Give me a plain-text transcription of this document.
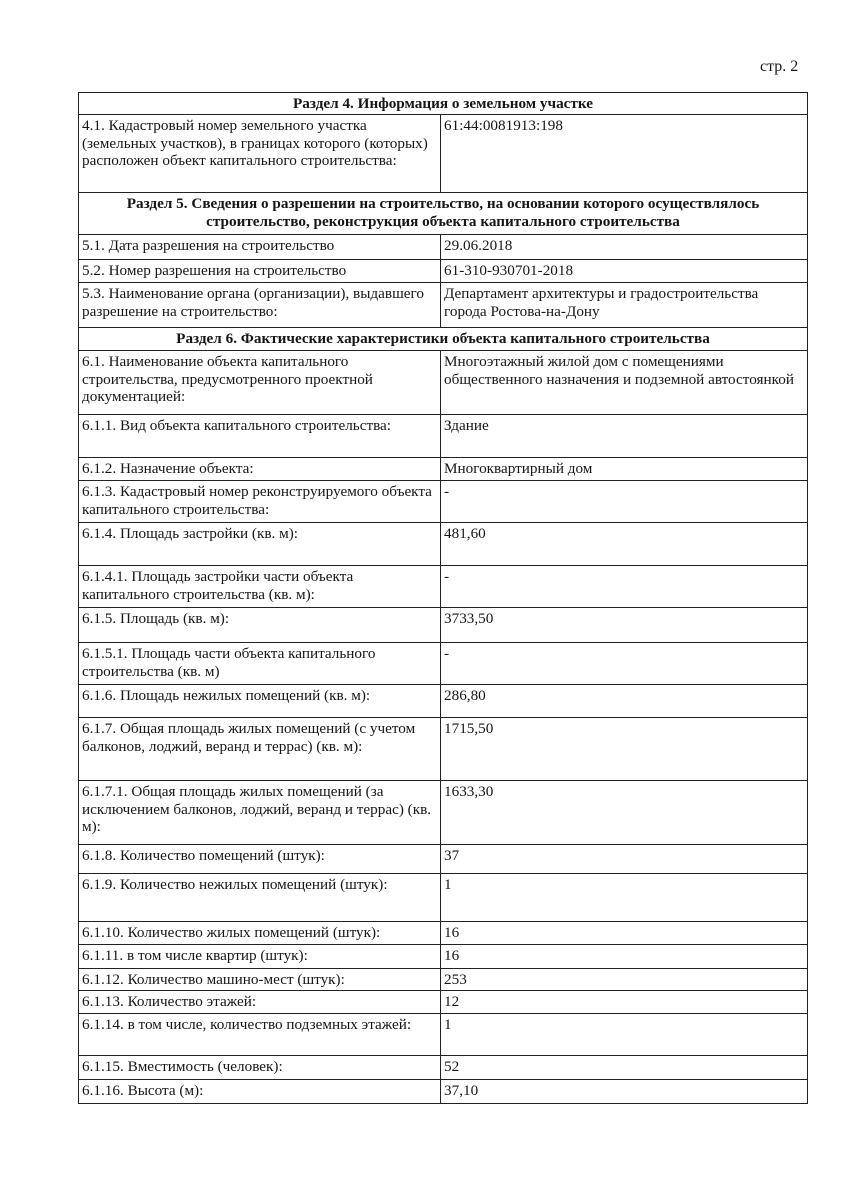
стр. 2
Раздел 4. Информация о земельном участке	
4.1. Кадастровый номер земельного участка (земельных участков), в границах которого (которых) расположен объект капитального строительства:	61:44:0081913:198
Раздел 5. Сведения о разрешении на строительство, на основании которого осуществлялось строительство, реконструкция объекта капитального строительства	
5.1. Дата разрешения на строительство	29.06.2018
5.2. Номер разрешения на строительство	61-310-930701-2018
5.3. Наименование органа (организации), выдавшего разрешение на строительство:	Департамент архитектуры и градостроительства города Ростова-на-Дону
Раздел 6. Фактические характеристики объекта капитального строительства	
6.1. Наименование объекта капитального строительства, предусмотренного проектной документацией:	Многоэтажный жилой дом с помещениями общественного назначения и подземной автостоянкой
6.1.1. Вид объекта капитального строительства:	Здание
6.1.2. Назначение объекта:	Многоквартирный дом
6.1.3. Кадастровый номер реконструируемого объекта капитального строительства:	-
6.1.4. Площадь застройки (кв. м):	481,60
6.1.4.1. Площадь застройки части объекта капитального строительства (кв. м):	-
6.1.5. Площадь (кв. м):	3733,50
6.1.5.1. Площадь части объекта капитального строительства (кв. м)	-
6.1.6. Площадь нежилых помещений (кв. м):	286,80
6.1.7. Общая площадь жилых помещений (с учетом балконов, лоджий, веранд и террас) (кв. м):	1715,50
6.1.7.1. Общая площадь жилых помещений (за исключением балконов, лоджий, веранд и террас) (кв. м):	1633,30
6.1.8. Количество помещений (штук):	37
6.1.9. Количество нежилых помещений (штук):	1
6.1.10. Количество жилых помещений (штук):	16
6.1.11. в том числе квартир (штук):	16
6.1.12. Количество машино-мест (штук):	253
6.1.13. Количество этажей:	12
6.1.14. в том числе, количество подземных этажей:	1
6.1.15. Вместимость (человек):	52
6.1.16. Высота (м):	37,10
